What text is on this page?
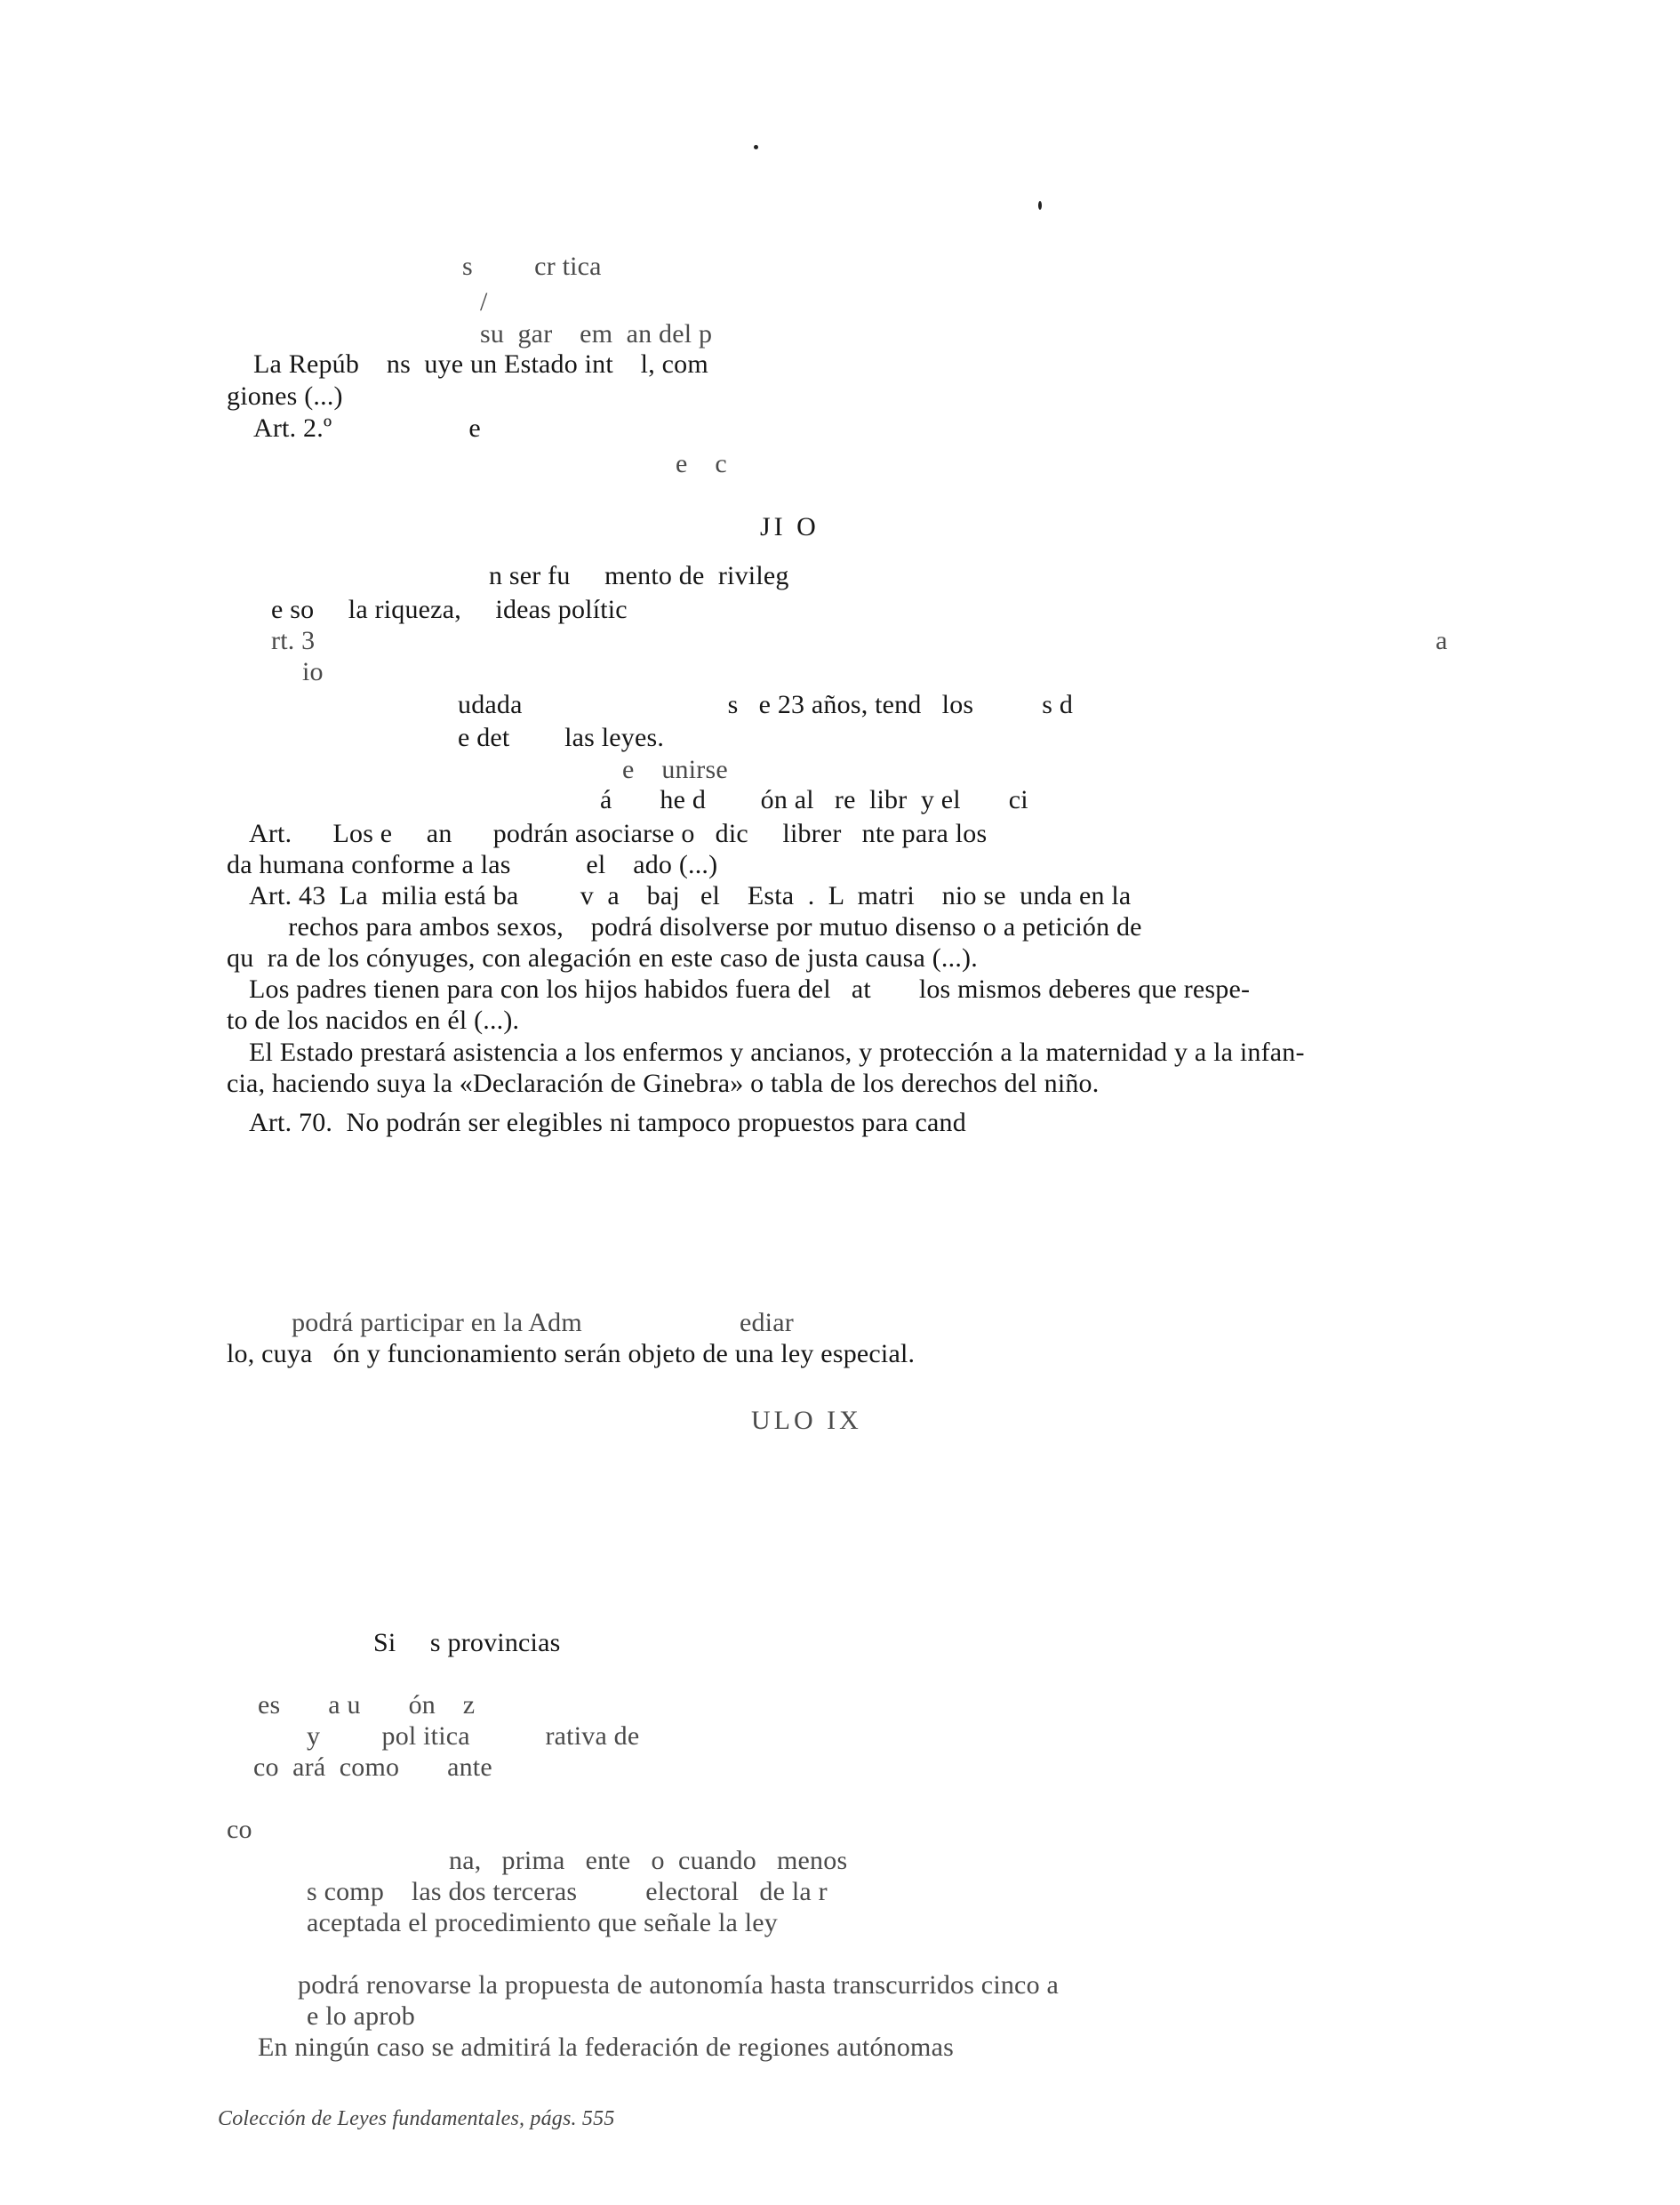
s         cr tica
/
su  gar    em  an del p
La Repúb    ns  uye un Estado int    l, com
giones (...)
Art. 2.º                    e
e    c
JI O
n ser fu     mento de  rivileg
e so     la riqueza,     ideas polític
rt. 3	a
io
udada                              s   e 23 años, tend   los          s d
e det        las leyes.
e    unirse
á       he d        ón al   re  libr  y el       ci
Art.      Los e     an      podrán asociarse o   dic     librer   nte para los
da humana conforme a las           el    ado (...)
Art. 43  La  milia está ba         v  a    baj   el    Esta  .  L  matri    nio se  unda en la
rechos para ambos sexos,    podrá disolverse por mutuo disenso o a petición de
qu  ra de los cónyuges, con alegación en este caso de justa causa (...).
Los padres tienen para con los hijos habidos fuera del   at       los mismos deberes que respe-
to de los nacidos en él (...).
El Estado prestará asistencia a los enfermos y ancianos, y protección a la maternidad y a la infan-
cia, haciendo suya la «Declaración de Ginebra» o tabla de los derechos del niño.
Art. 70.  No podrán ser elegibles ni tampoco propuestos para cand
podrá participar en la Adm                       ediar
lo, cuya   ón y funcionamiento serán objeto de una ley especial.
ULO IX
Si     s provincias

es       a u       ón    z
y         pol itica           rativa de
co  ará  como       ante
co
na,   prima   ente   o  cuando   menos
s comp    las dos terceras          electoral   de la r
aceptada el procedimiento que señale la ley
podrá renovarse la propuesta de autonomía hasta transcurridos cinco a
e lo aprob
En ningún caso se admitirá la federación de regiones autónomas
Colección de Leyes fundamentales, págs. 555
